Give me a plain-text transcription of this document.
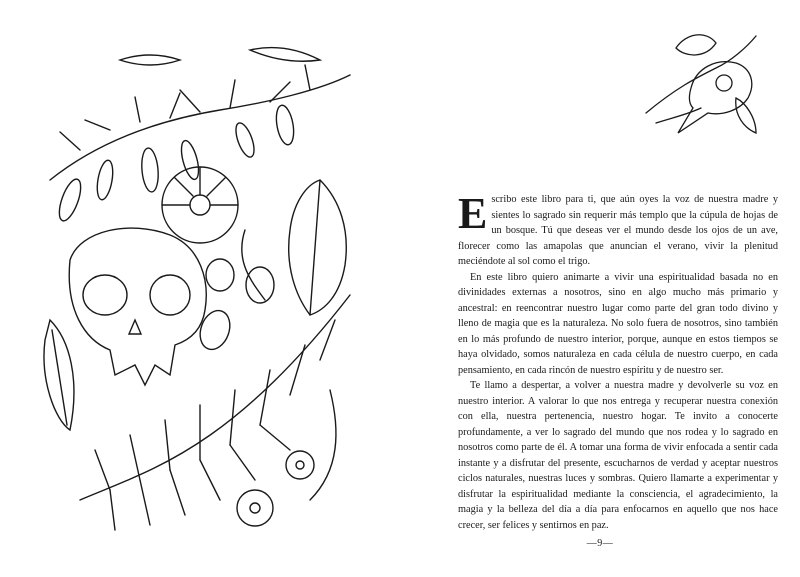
Escribo este libro para ti, que aún oyes la voz de nuestra madre y sientes lo sagrado sin requerir más templo que la cúpula de hojas de un bosque. Tú que deseas ver el mundo desde los ojos de un ave, florecer como las amapolas que anuncian el verano, vivir la plenitud meciéndote al sol como el trigo.

En este libro quiero animarte a vivir una espiritualidad basada no en divinidades externas a nosotros, sino en algo mucho más primario y ancestral: en reencontrar nuestro lugar como parte del gran todo divino y lleno de magia que es la naturaleza. No solo fuera de nosotros, sino también en lo más profundo de nuestro interior, porque, aunque en estos tiempos se haya olvidado, somos naturaleza en cada célula de nuestro cuerpo, en cada pensamiento, en cada rincón de nuestro espíritu y de nuestro ser.

Te llamo a despertar, a volver a nuestra madre y devolverle su voz en nuestro interior. A valorar lo que nos entrega y recuperar nuestra conexión con ella, nuestra pertenencia, nuestro hogar. Te invito a conocerte profundamente, a ver lo sagrado del mundo que nos rodea y lo sagrado en nosotros como parte de él. A tomar una forma de vivir enfocada a sentir cada instante y a disfrutar del presente, escucharnos de verdad y aceptar nuestros ciclos naturales, nuestras luces y sombras. Quiero llamarte a experimentar y disfrutar la espiritualidad mediante la consciencia, el agradecimiento, la magia y la belleza del día a día para enfocarnos en aquello que nos hace crecer, ser felices y sentirnos en paz.

—9—
